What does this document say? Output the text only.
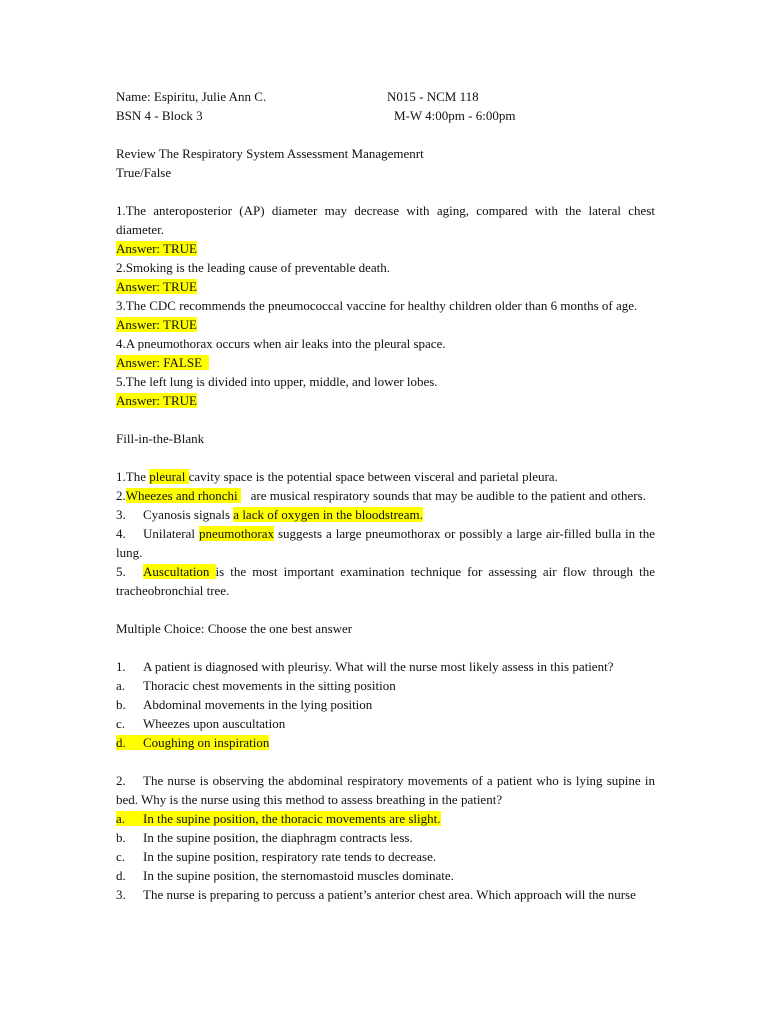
Name: Espiritu, Julie Ann C.	N015 - NCM 118
BSN 4 - Block 3	M-W 4:00pm - 6:00pm
Review The Respiratory System Assessment Managemenrt
True/False
1.The anteroposterior (AP) diameter may decrease with aging, compared with the lateral chest diameter.
Answer: TRUE
2.Smoking is the leading cause of preventable death.
Answer: TRUE
3.The CDC recommends the pneumococcal vaccine for healthy children older than 6 months of age.
Answer: TRUE
4.A pneumothorax occurs when air leaks into the pleural space.
Answer: FALSE
5.The left lung is divided into upper, middle, and lower lobes.
Answer: TRUE
Fill-in-the-Blank
1.The pleural cavity space is the potential space between visceral and parietal pleura.
2.Wheezes and rhonchi    are musical respiratory sounds that may be audible to the patient and others.
3. Cyanosis signals a lack of oxygen in the bloodstream.
4. Unilateral pneumothorax suggests a large pneumothorax or possibly a large air-filled bulla in the lung.
5. Auscultation is the most important examination technique for assessing air flow through the tracheobronchial tree.
Multiple Choice: Choose the one best answer
1. A patient is diagnosed with pleurisy. What will the nurse most likely assess in this patient?
a. Thoracic chest movements in the sitting position
b. Abdominal movements in the lying position
c. Wheezes upon auscultation
d. Coughing on inspiration
2. The nurse is observing the abdominal respiratory movements of a patient who is lying supine in bed. Why is the nurse using this method to assess breathing in the patient?
a. In the supine position, the thoracic movements are slight.
b. In the supine position, the diaphragm contracts less.
c. In the supine position, respiratory rate tends to decrease.
d. In the supine position, the sternomastoid muscles dominate.
3. The nurse is preparing to percuss a patient’s anterior chest area. Which approach will the nurse
